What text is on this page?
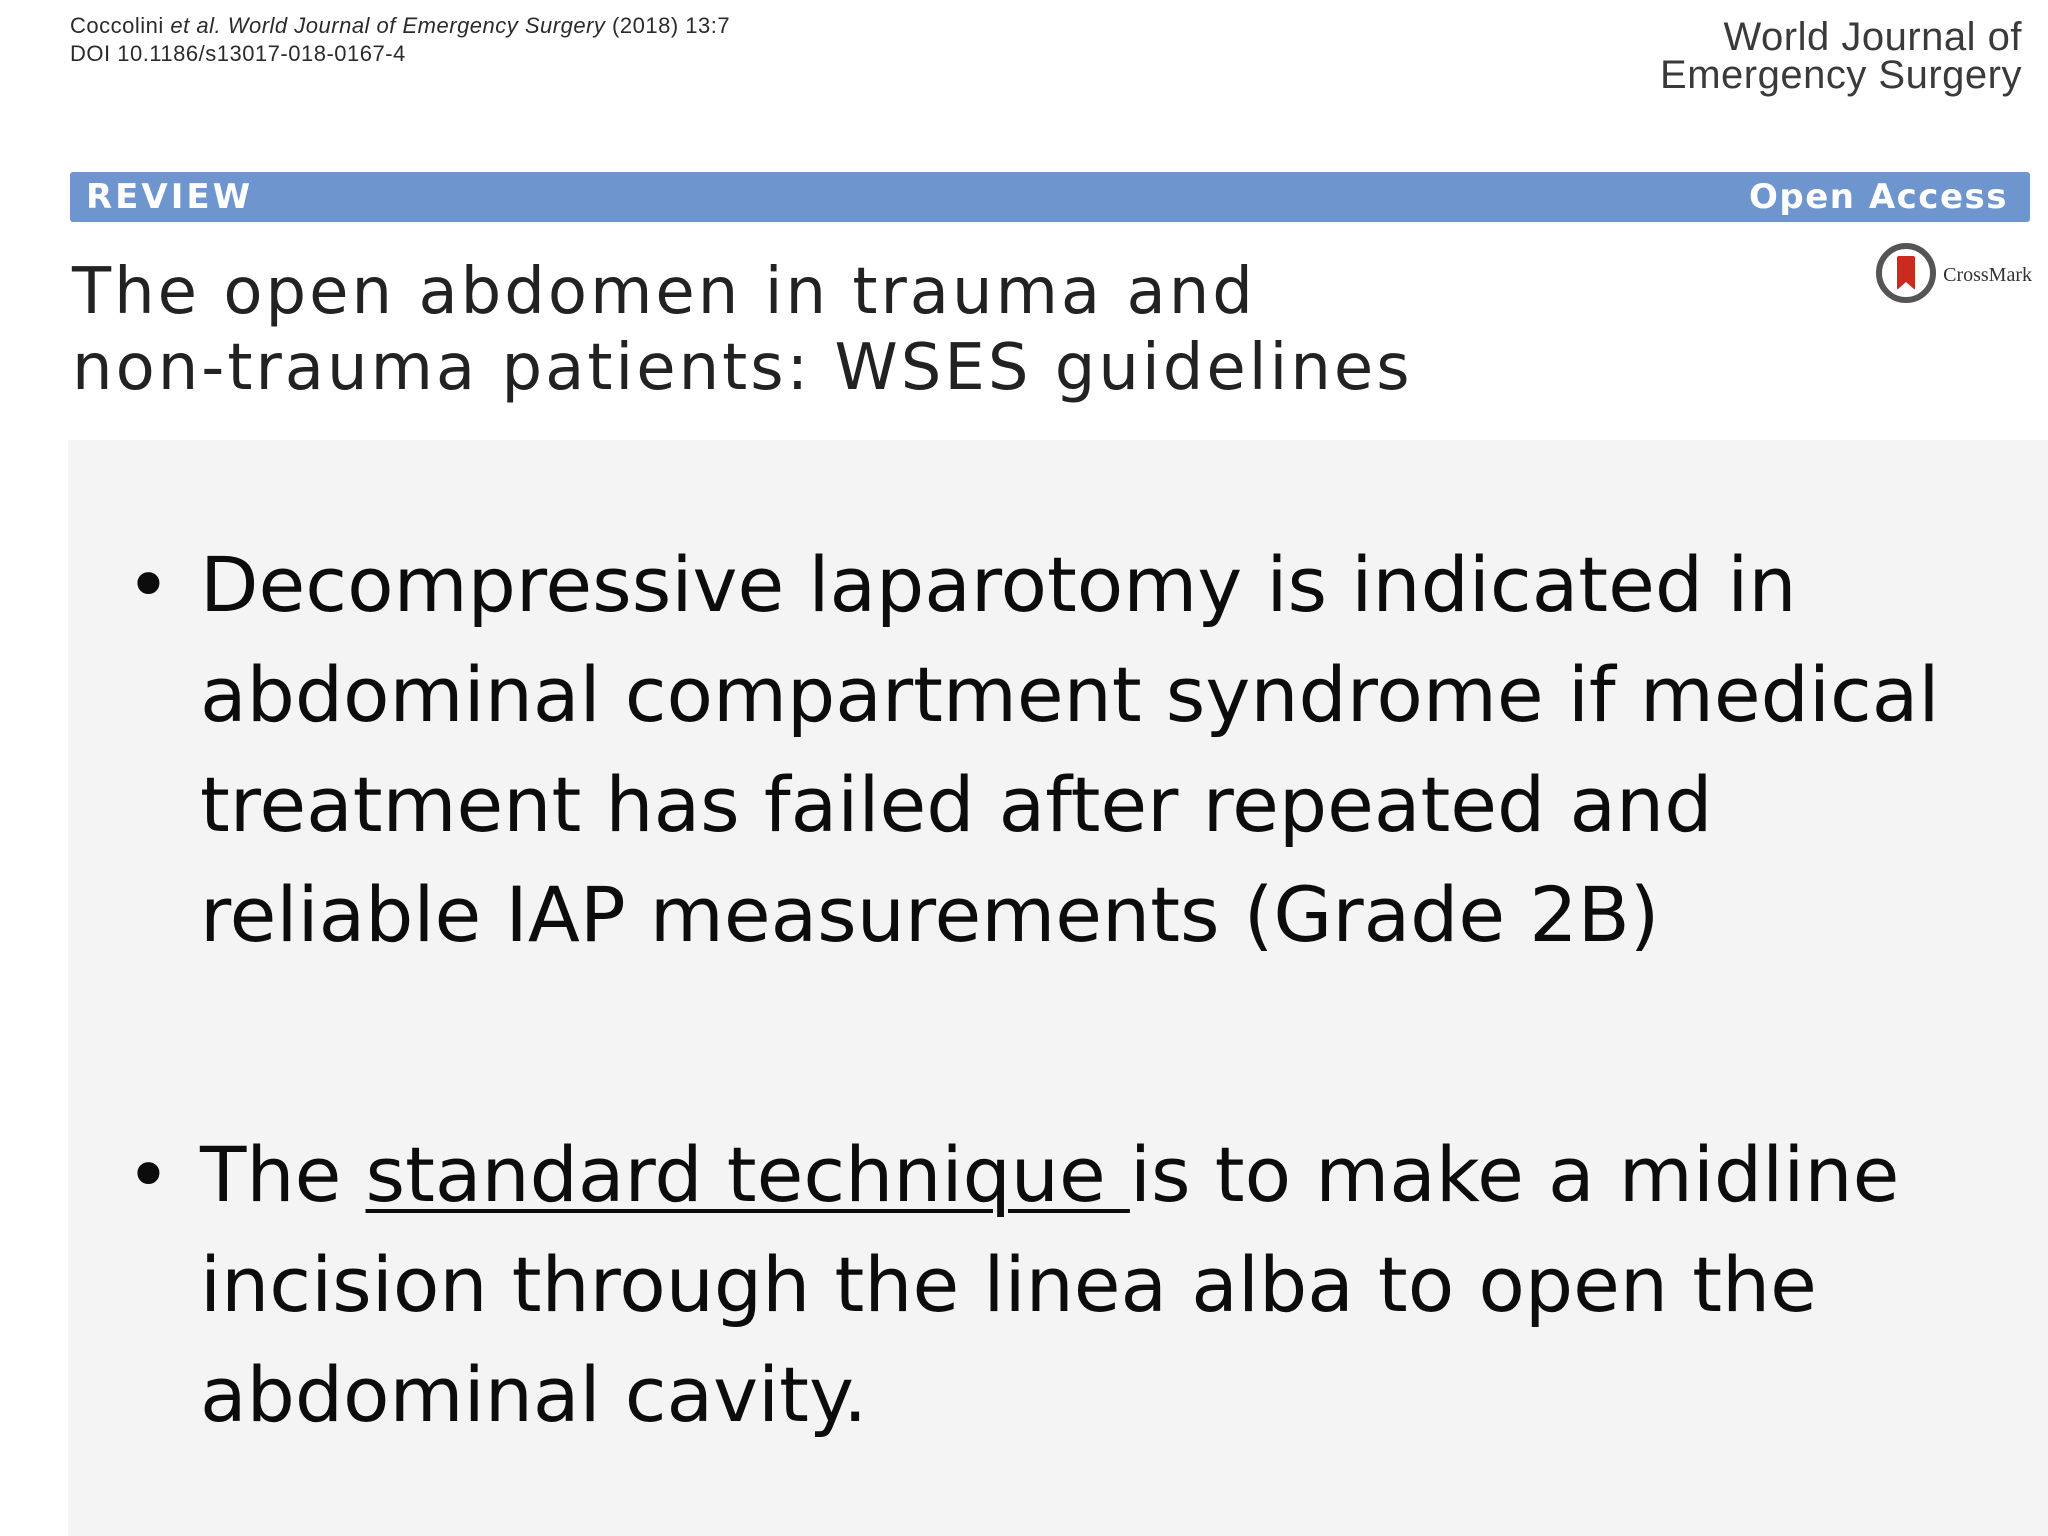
Coccolini et al. World Journal of Emergency Surgery (2018) 13:7
DOI 10.1186/s13017-018-0167-4	World Journal of
Emergency Surgery
REVIEW	Open Access
CrossMark
The open abdomen in trauma and
non-trauma patients: WSES guidelines
• Decompressive laparotomy is indicated in
abdominal compartment syndrome if medical
treatment has failed after repeated and
reliable IAP measurements (Grade 2B)
• The standard technique is to make a midline
incision through the linea alba to open the
abdominal cavity.
